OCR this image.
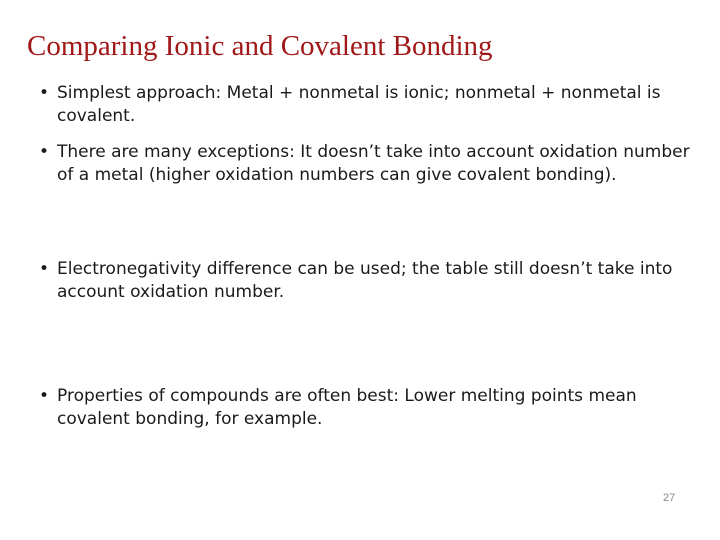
Comparing Ionic and Covalent Bonding
• Simplest approach: Metal + nonmetal is ionic; nonmetal + nonmetal is covalent.
• There are many exceptions: It doesn’t take into account oxidation number of a metal (higher oxidation numbers can give covalent bonding).
• Electronegativity difference can be used; the table still doesn’t take into account oxidation number.
• Properties of compounds are often best: Lower melting points mean covalent bonding, for example.
27
